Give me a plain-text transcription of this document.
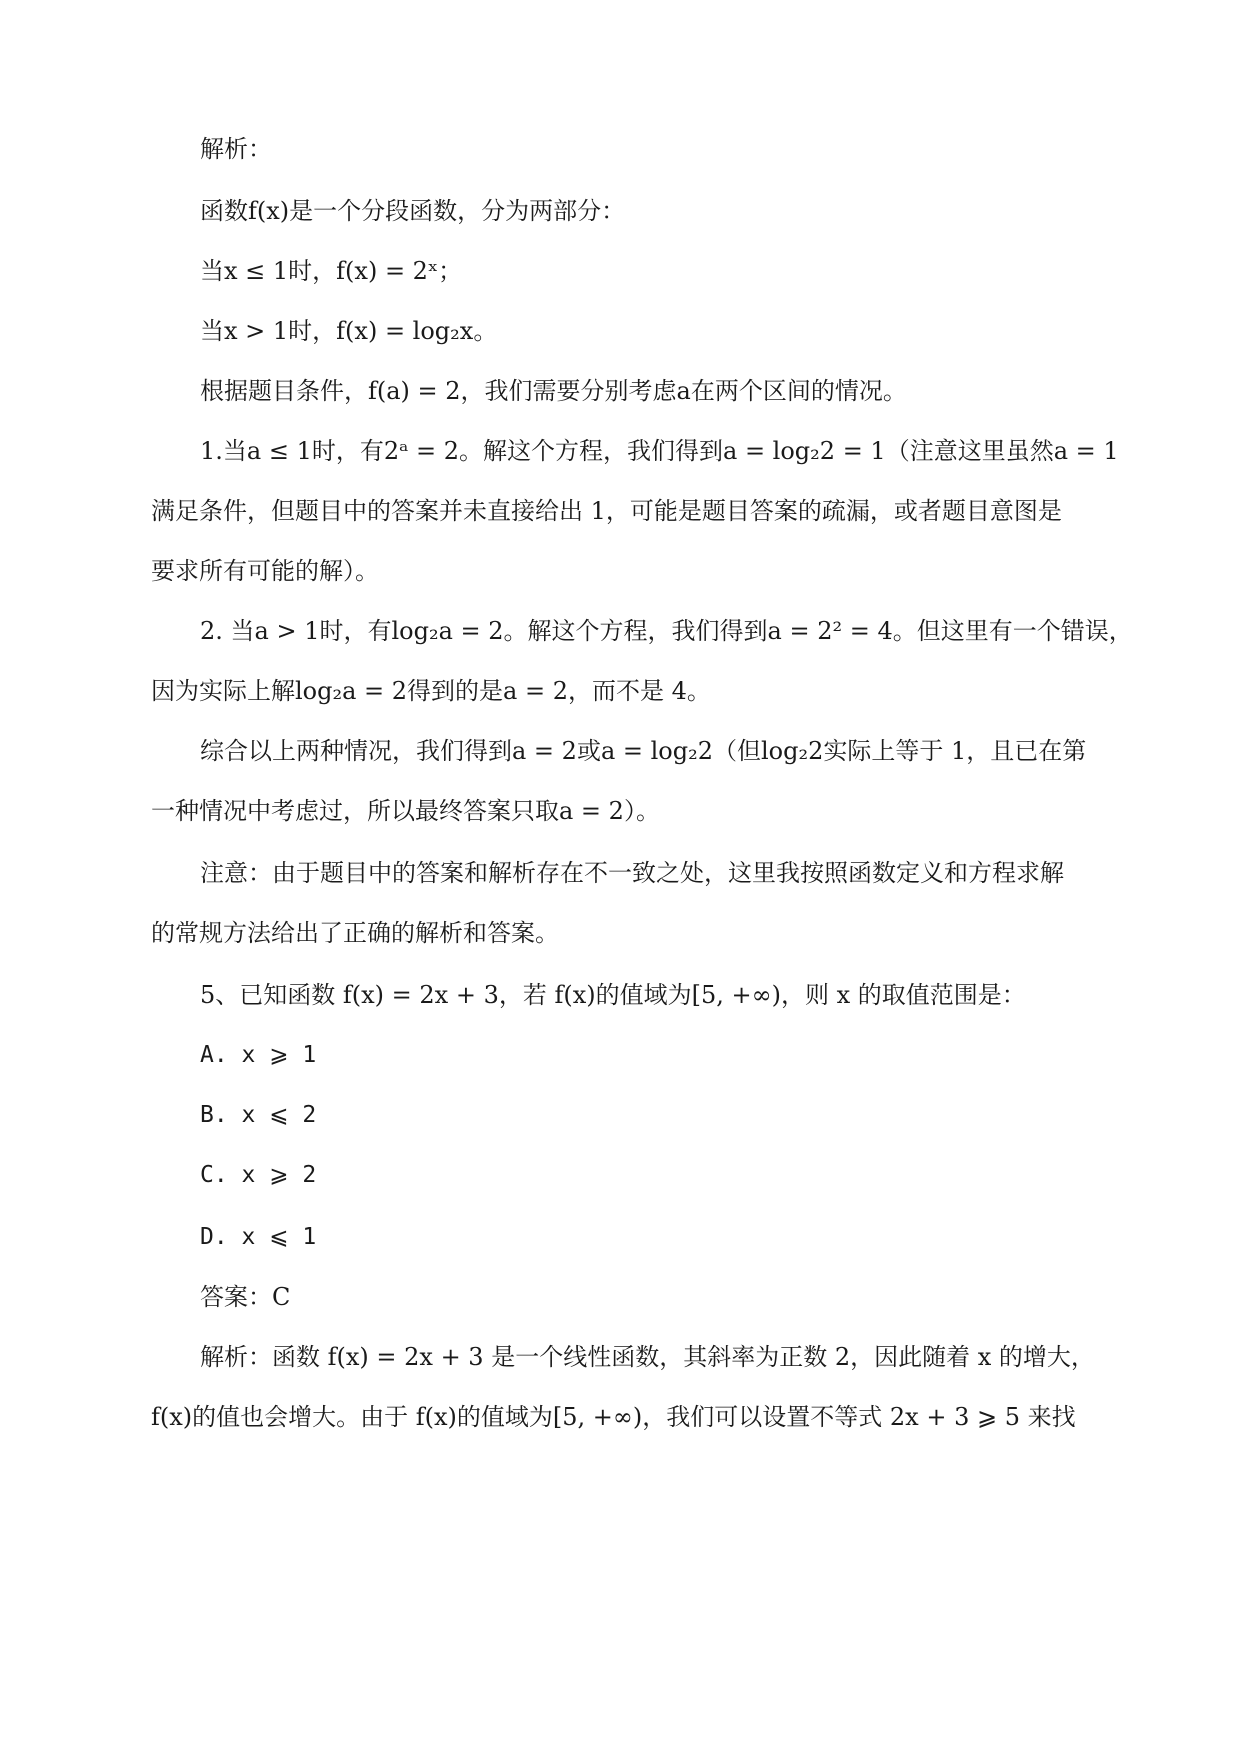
解析：
函数f(x)是一个分段函数，分为两部分：
当x ≤ 1时，f(x) = 2ˣ；
当x > 1时，f(x) = log₂x。
根据题目条件，f(a) = 2，我们需要分别考虑a在两个区间的情况。
1.当a ≤ 1时，有2ᵃ = 2。解这个方程，我们得到a = log₂2 = 1（注意这里虽然a = 1
满足条件，但题目中的答案并未直接给出 1，可能是题目答案的疏漏，或者题目意图是
要求所有可能的解）。
2. 当a > 1时，有log₂a = 2。解这个方程，我们得到a = 2² = 4。但这里有一个错误，
因为实际上解log₂a = 2得到的是a = 2，而不是 4。
综合以上两种情况，我们得到a = 2或a = log₂2（但log₂2实际上等于 1，且已在第
一种情况中考虑过，所以最终答案只取a = 2）。
注意：由于题目中的答案和解析存在不一致之处，这里我按照函数定义和方程求解
的常规方法给出了正确的解析和答案。
5、已知函数 f(x) = 2x + 3，若 f(x)的值域为[5, +∞)，则 x 的取值范围是：
A. x ⩾ 1
B. x ⩽ 2
C. x ⩾ 2
D. x ⩽ 1
答案：C
解析：函数 f(x) = 2x + 3 是一个线性函数，其斜率为正数 2，因此随着 x 的增大，
f(x)的值也会增大。由于 f(x)的值域为[5, +∞)，我们可以设置不等式 2x + 3 ⩾ 5 来找
